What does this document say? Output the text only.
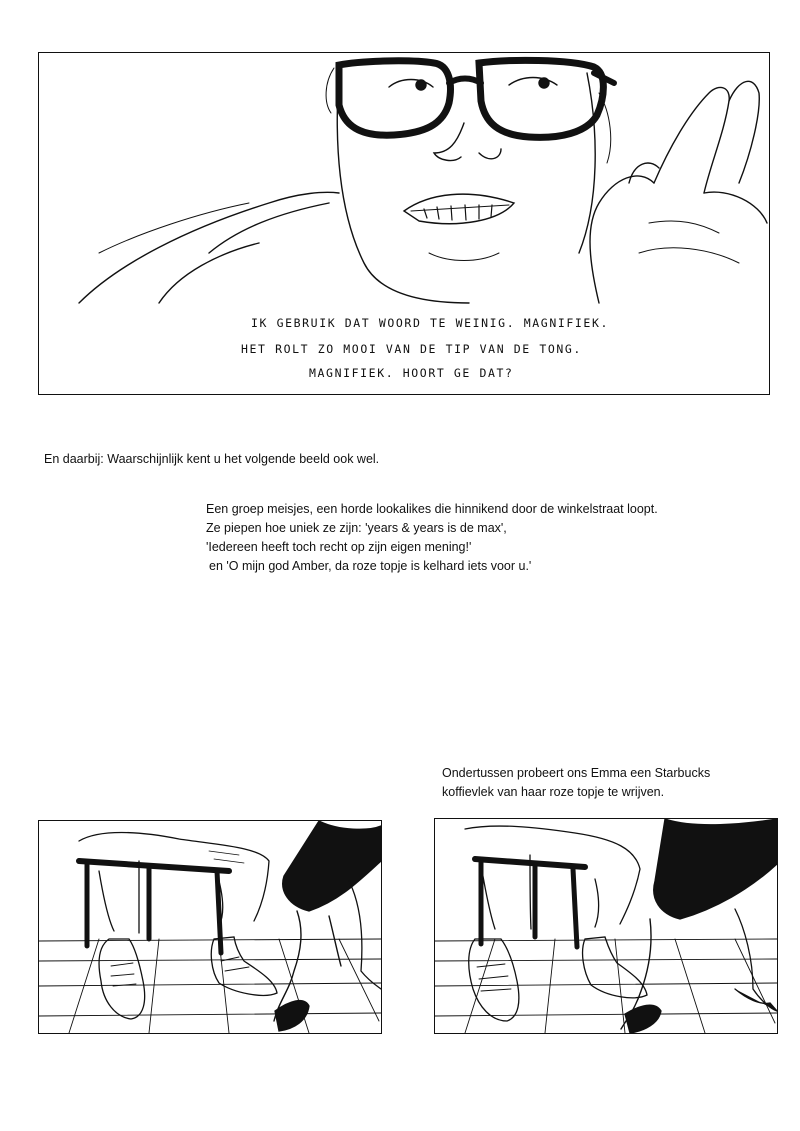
IK GEBRUIK DAT WOORD TE WEINIG. MAGNIFIEK.
HET ROLT ZO MOOI VAN DE TIP VAN DE TONG.
MAGNIFIEK. HOORT GE DAT?

En daarbij: Waarschijnlijk kent u het volgende beeld ook wel.

Een groep meisjes, een horde lookalikes die hinnikend door de winkelstraat loopt.
Ze piepen hoe uniek ze zijn: 'years & years is de max',
'Iedereen heeft toch recht op zijn eigen mening!'
en 'O mijn god Amber, da roze topje is kelhard iets voor u.'

Ondertussen probeert ons Emma een Starbucks
koffievlek van haar roze topje te wrijven.
